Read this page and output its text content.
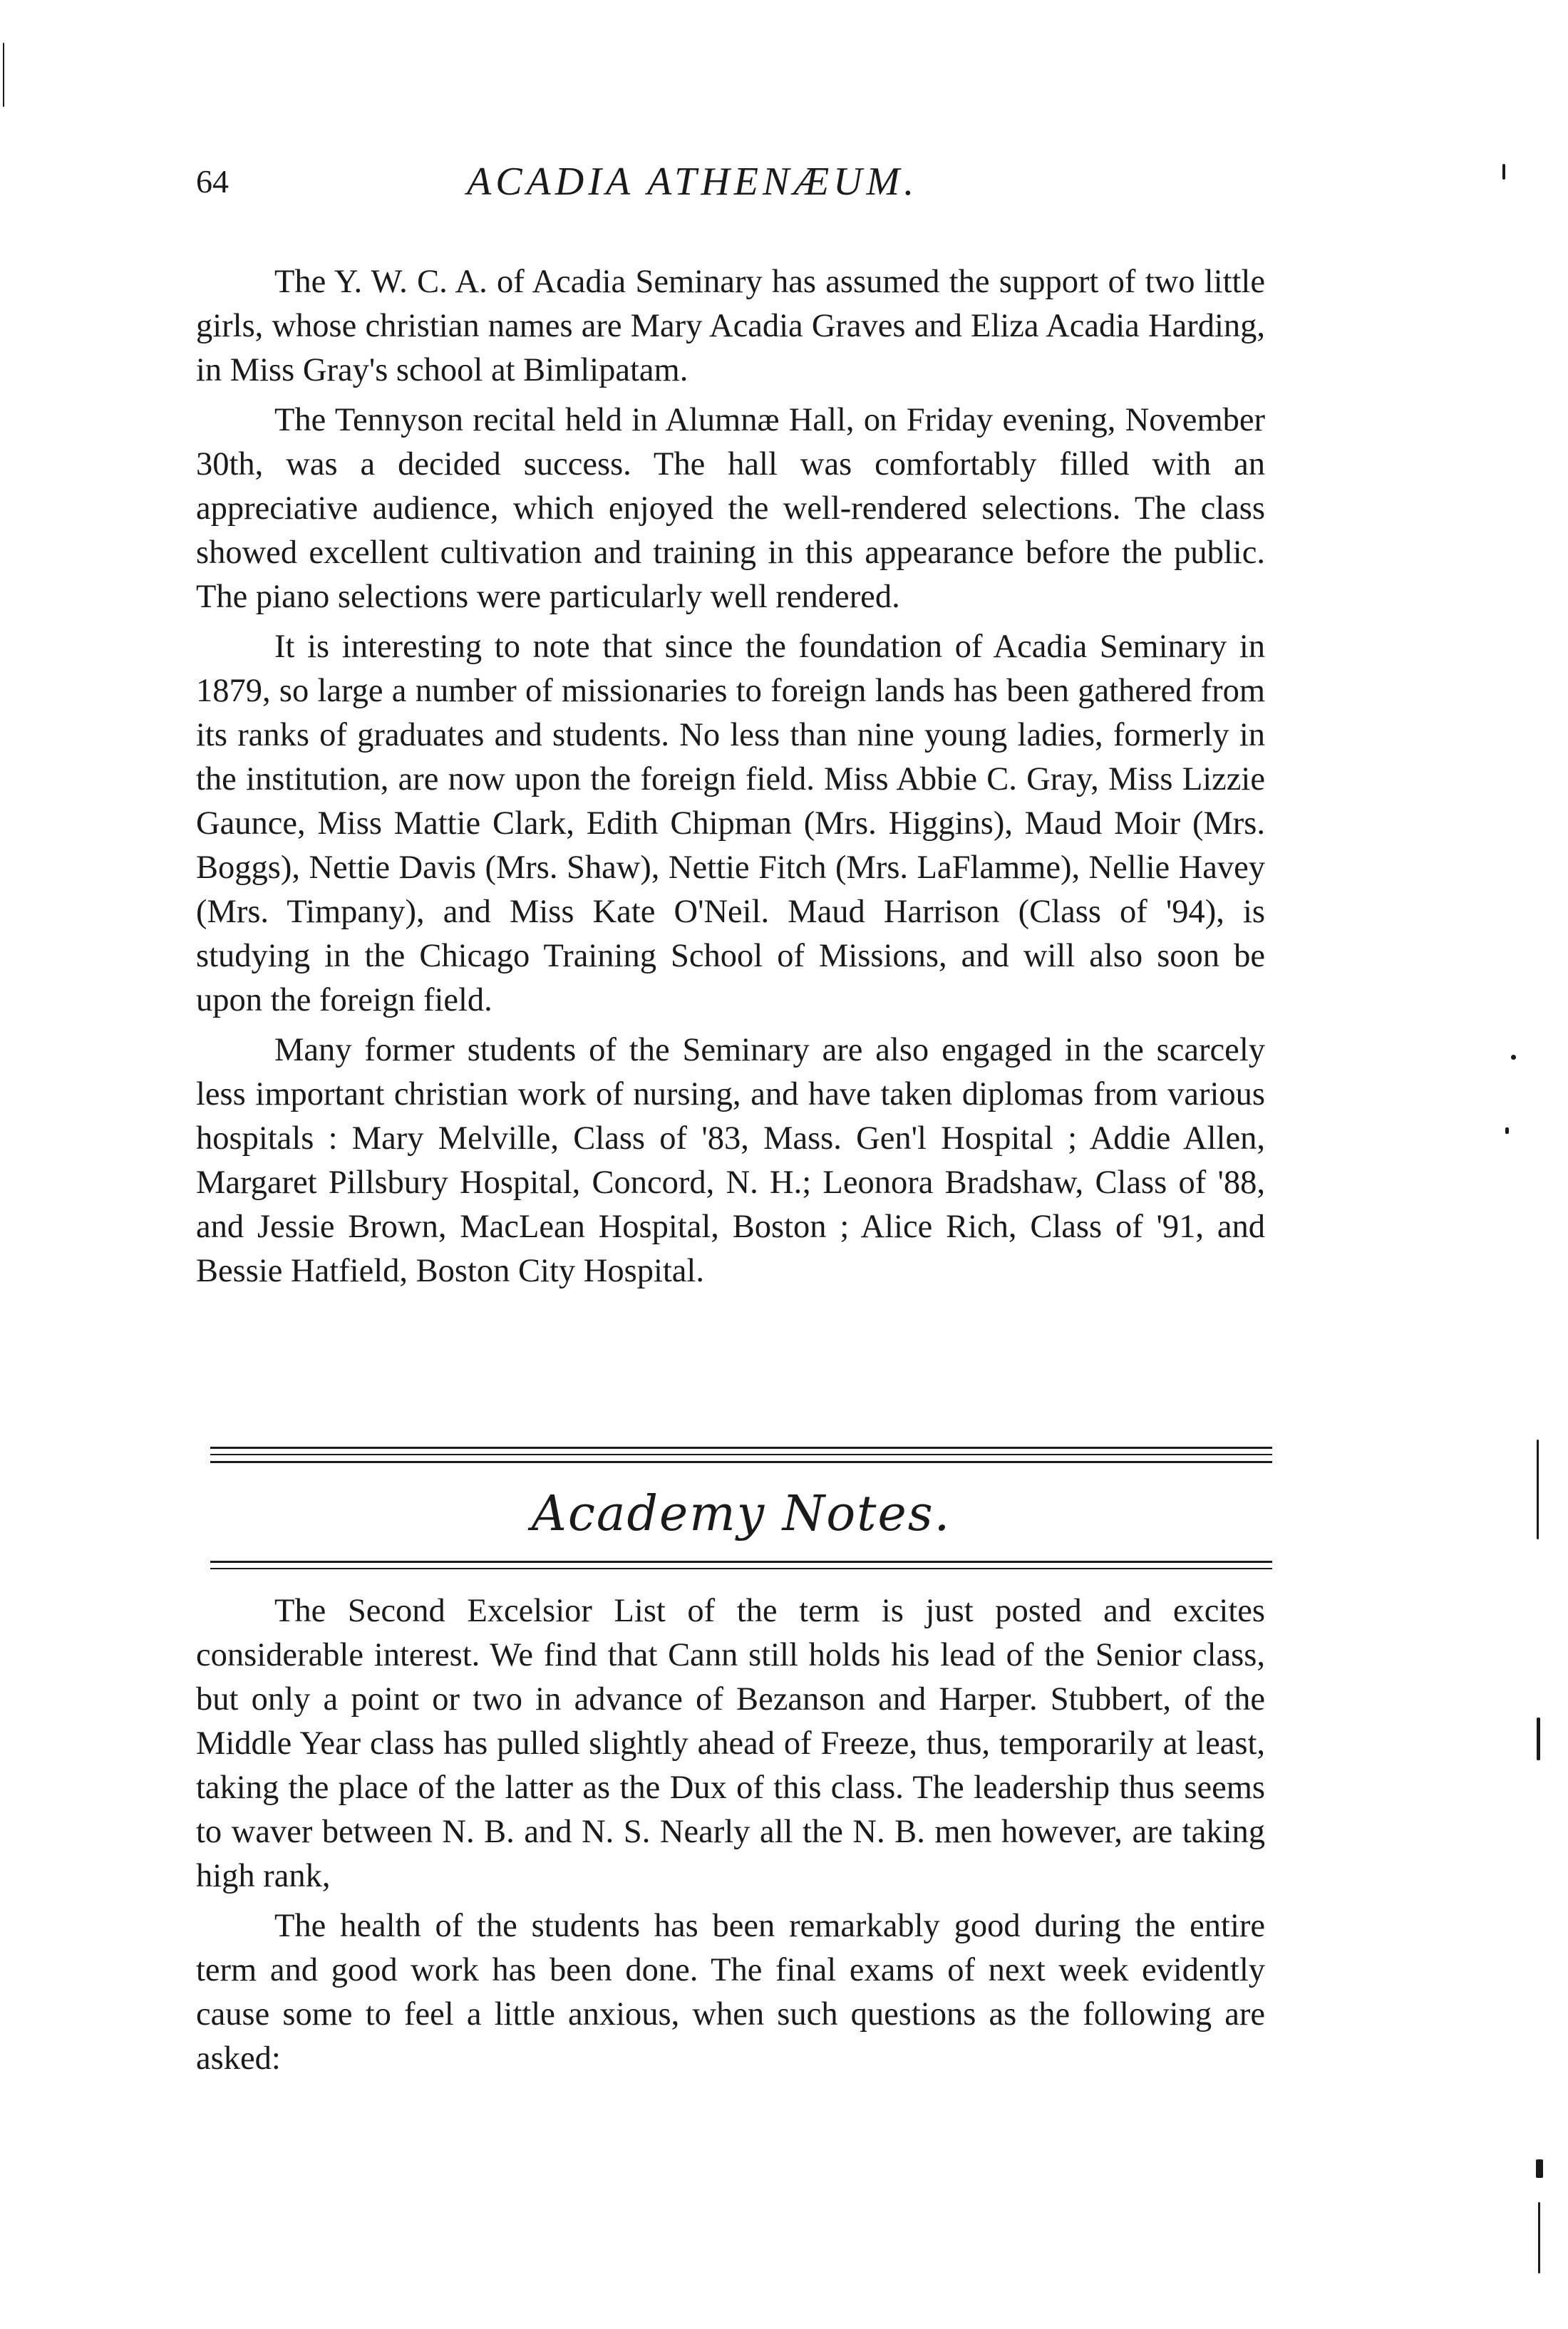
64	ACADIA ATHENÆUM.

The Y. W. C. A. of Acadia Seminary has assumed the support of two little girls, whose christian names are Mary Acadia Graves and Eliza Acadia Harding, in Miss Gray's school at Bimlipatam.

The Tennyson recital held in Alumnæ Hall, on Friday evening, November 30th, was a decided success. The hall was comfortably filled with an appreciative audience, which enjoyed the well-rendered selections. The class showed excellent cultivation and training in this appearance before the public. The piano selections were particularly well rendered.

It is interesting to note that since the foundation of Acadia Seminary in 1879, so large a number of missionaries to foreign lands has been gathered from its ranks of graduates and students. No less than nine young ladies, formerly in the institution, are now upon the foreign field. Miss Abbie C. Gray, Miss Lizzie Gaunce, Miss Mattie Clark, Edith Chipman (Mrs. Higgins), Maud Moir (Mrs. Boggs), Nettie Davis (Mrs. Shaw), Nettie Fitch (Mrs. LaFlamme), Nellie Havey (Mrs. Timpany), and Miss Kate O'Neil. Maud Harrison (Class of '94), is studying in the Chicago Training School of Missions, and will also soon be upon the foreign field.

Many former students of the Seminary are also engaged in the scarcely less important christian work of nursing, and have taken diplomas from various hospitals : Mary Melville, Class of '83, Mass. Gen'l Hospital ; Addie Allen, Margaret Pillsbury Hospital, Concord, N. H.; Leonora Bradshaw, Class of '88, and Jessie Brown, MacLean Hospital, Boston ; Alice Rich, Class of '91, and Bessie Hatfield, Boston City Hospital.

Academy Notes.

The Second Excelsior List of the term is just posted and excites considerable interest. We find that Cann still holds his lead of the Senior class, but only a point or two in advance of Bezanson and Harper. Stubbert, of the Middle Year class has pulled slightly ahead of Freeze, thus, temporarily at least, taking the place of the latter as the Dux of this class. The leadership thus seems to waver between N. B. and N. S. Nearly all the N. B. men however, are taking high rank,

The health of the students has been remarkably good during the entire term and good work has been done. The final exams of next week evidently cause some to feel a little anxious, when such questions as the following are asked:
